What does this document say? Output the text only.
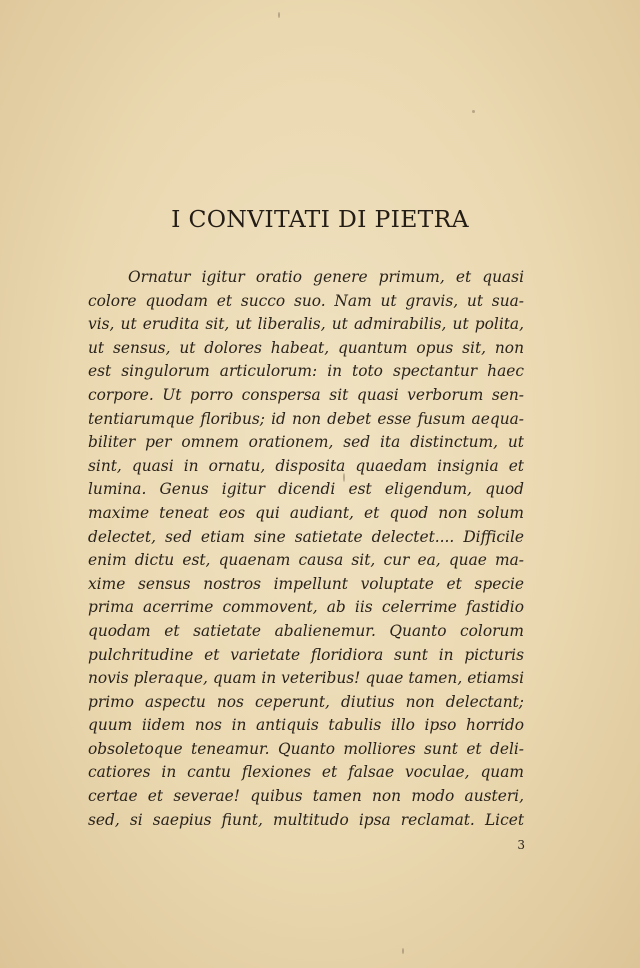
I CONVITATI DI PIETRA
Ornatur igitur oratio genere primum, et quasi
colore quodam et succo suo. Nam ut gravis, ut sua-
vis, ut erudita sit, ut liberalis, ut admirabilis, ut polita,
ut sensus, ut dolores habeat, quantum opus sit, non
est singulorum articulorum: in toto spectantur haec
corpore. Ut porro conspersa sit quasi verborum sen-
tentiarumque floribus; id non debet esse fusum aequa-
biliter per omnem orationem, sed ita distinctum, ut
sint, quasi in ornatu, disposita quaedam insignia et
lumina. Genus igitur dicendi est eligendum, quod
maxime teneat eos qui audiant, et quod non solum
delectet, sed etiam sine satietate delectet.... Difficile
enim dictu est, quaenam causa sit, cur ea, quae ma-
xime sensus nostros impellunt voluptate et specie
prima acerrime commovent, ab iis celerrime fastidio
quodam et satietate abalienemur. Quanto colorum
pulchritudine et varietate floridiora sunt in picturis
novis pleraque, quam in veteribus! quae tamen, etiamsi
primo aspectu nos ceperunt, diutius non delectant;
quum iidem nos in antiquis tabulis illo ipso horrido
obsoletoque teneamur. Quanto molliores sunt et deli-
catiores in cantu flexiones et falsae voculae, quam
certae et severae! quibus tamen non modo austeri,
sed, si saepius fiunt, multitudo ipsa reclamat. Licet
3
